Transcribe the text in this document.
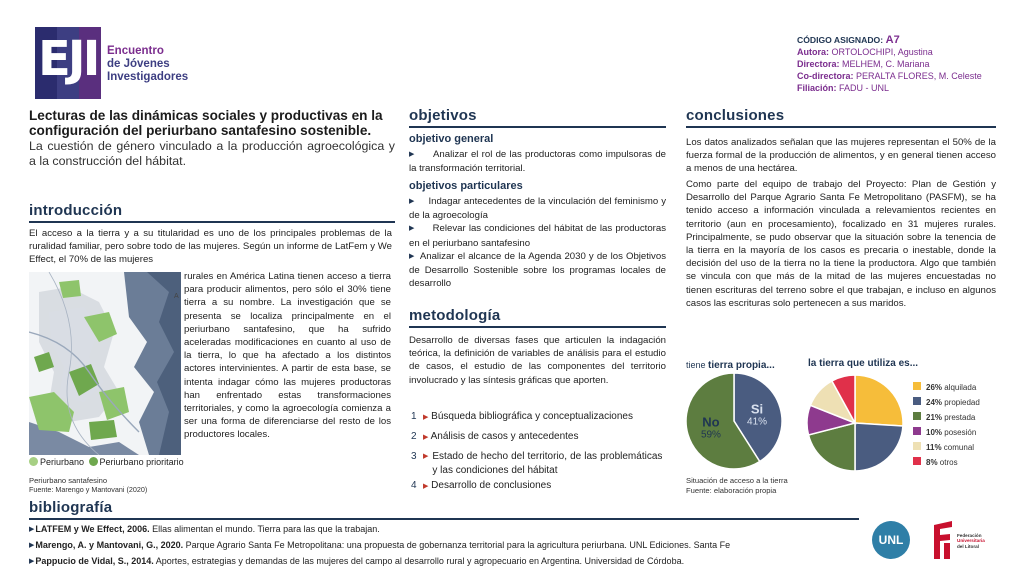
EJI Encuentro
de Jóvenes
Investigadores
CÓDIGO ASIGNADO: A7
Autora: ORTOLOCHIPI, Agustina
Directora: MELHEM, C. Mariana
Co-directora: PERALTA FLORES, M. Celeste
Filiación: FADU - UNL
Lecturas de las dinámicas sociales y productivas en la configuración del periurbano santafesino sostenible.
La cuestión de género vinculado a la producción agroecológica y a la construcción del hábitat.
introducción
El acceso a la tierra y a su titularidad es uno de los principales problemas de la ruralidad familiar, pero sobre todo de las mujeres. Según un informe de LatFem y We Effect, el 70% de las mujeres
A
rurales en América Latina tienen acceso a tierra para producir alimentos, pero sólo el 30% tiene tierra a su nombre. La investigación que se presenta se localiza principalmente en el periurbano santafesino, que ha sufrido aceleradas modificaciones en cuanto al uso de la tierra, lo que ha afectado a los distintos actores intervinientes. A partir de esta base, se intenta indagar cómo las mujeres productoras han enfrentado estas transformaciones territoriales, y como la agroecología comienza a ser una forma de diferenciarse del resto de los productores locales.
Periurbano Periurbano prioritario
Periurbano santafesino
Fuente: Marengo y Mantovani (2020)
objetivos
objetivo general
▶ Analizar el rol de las productoras como impulsoras de la transformación territorial.
objetivos particulares
▶ Indagar antecedentes de la vinculación del feminismo y de la agroecología
▶ Relevar las condiciones del hábitat de las productoras en el periurbano santafesino
▶ Analizar el alcance de la Agenda 2030 y de los Objetivos de Desarrollo Sostenible sobre los programas locales de desarrollo
metodología
Desarrollo de diversas fases que articulen la indagación teórica, la definición de variables de análisis para el estudio de casos, el estudio de las componentes del territorio involucrado y las síntesis gráficas que aporten.
1 ▶ Búsqueda bibliográfica y conceptualizaciones
2 ▶ Análisis de casos y antecedentes
3 ▶ Estado de hecho del territorio, de las problemáticas y las condiciones del hábitat
4 ▶ Desarrollo de conclusiones
conclusiones
Los datos analizados señalan que las mujeres representan el 50% de la fuerza formal de la producción de alimentos, y en general tienen acceso a menos de una hectárea.
Como parte del equipo de trabajo del Proyecto: Plan de Gestión y Desarrollo del Parque Agrario Santa Fe Metropolitano (PASFM), se ha tenido acceso a información vinculada a relevamientos recientes en territorio (aun en procesamiento), focalizado en 31 mujeres rurales. Principalmente, se pudo observar que la situación sobre la tenencia de la tierra en la mayoría de los casos es precaria o inestable, donde la decisión del uso de la tierra no la tiene la productora. Algo que también se vincula con que más de la mitad de las mujeres encuestadas no tienen escrituras del terreno sobre el que trabajan, e incluso en algunos casos las escrituras solo pertenecen a sus maridos.
tiene tierra propia...
Si
41%
No
59%
la tierra que utiliza es...
26% alquilada
24% propiedad
21% prestada
10% posesión
11% comunal
8% otros
Situación de acceso a la tierra
Fuente: elaboración propia
bibliografía
▶LATFEM y We Effect, 2006. Ellas alimentan el mundo. Tierra para las que la trabajan.
▶Marengo, A. y Mantovani, G., 2020. Parque Agrario Santa Fe Metropolitana: una propuesta de gobernanza territorial para la agricultura periurbana. UNL Ediciones. Santa Fe
▶Pappucio de Vidal, S., 2014. Aportes, estrategias y demandas de las mujeres del campo al desarrollo rural y agropecuario en Argentina. Universidad de Córdoba.
UNL	Federación
Universitaria
del Litoral
